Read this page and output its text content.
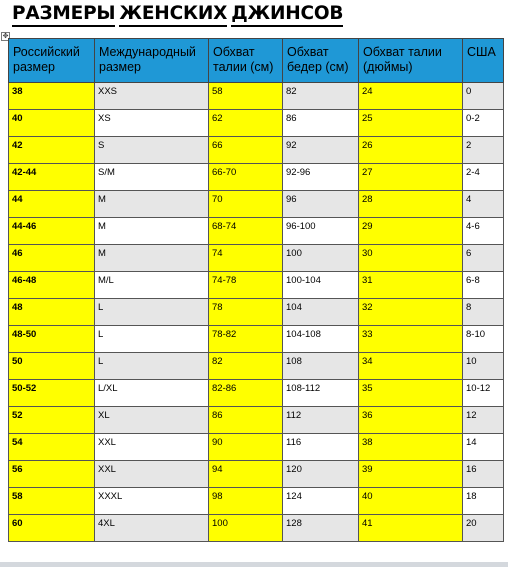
РАЗМЕРЫ ЖЕНСКИХ ДЖИНСОВ
✥
Российский размер	Международный размер	Обхват талии (см)	Обхват бедер (см)	Обхват талии (дюймы)	США
38	XXS	58	82	24	0
40	XS	62	86	25	0-2
42	S	66	92	26	2
42-44	S/M	66-70	92-96	27	2-4
44	M	70	96	28	4
44-46	M	68-74	96-100	29	4-6
46	M	74	100	30	6
46-48	M/L	74-78	100-104	31	6-8
48	L	78	104	32	8
48-50	L	78-82	104-108	33	8-10
50	L	82	108	34	10
50-52	L/XL	82-86	108-112	35	10-12
52	XL	86	112	36	12
54	XXL	90	116	38	14
56	XXL	94	120	39	16
58	XXXL	98	124	40	18
60	4XL	100	128	41	20
